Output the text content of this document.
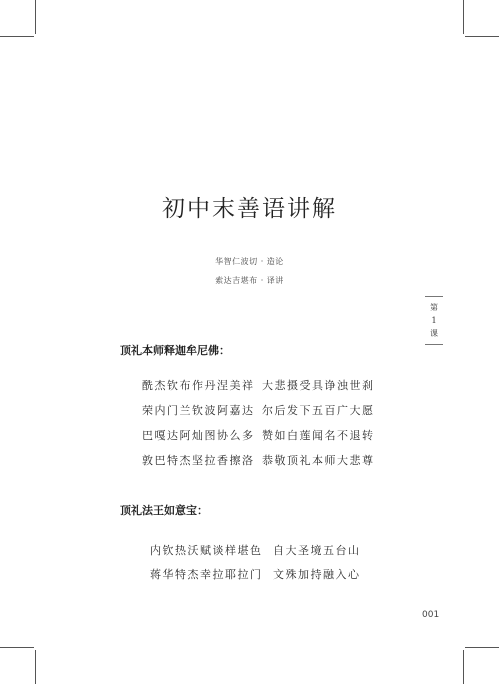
初中末善语讲解
华智仁波切 · 造论
索达吉堪布 · 译讲
第
1
课
顶礼本师释迦牟尼佛：
酰杰钦布作丹涅美祥 大悲摄受具诤浊世刹
荣内门兰钦波阿嘉达 尔后发下五百广大愿
巴嘎达阿灿图协么多 赞如白莲闻名不退转
敦巴特杰坚拉香擦洛 恭敬顶礼本师大悲尊
顶礼法王如意宝：
内钦热沃赋谈样堪色 自大圣境五台山
蒋华特杰幸拉耶拉门 文殊加持融入心
001
